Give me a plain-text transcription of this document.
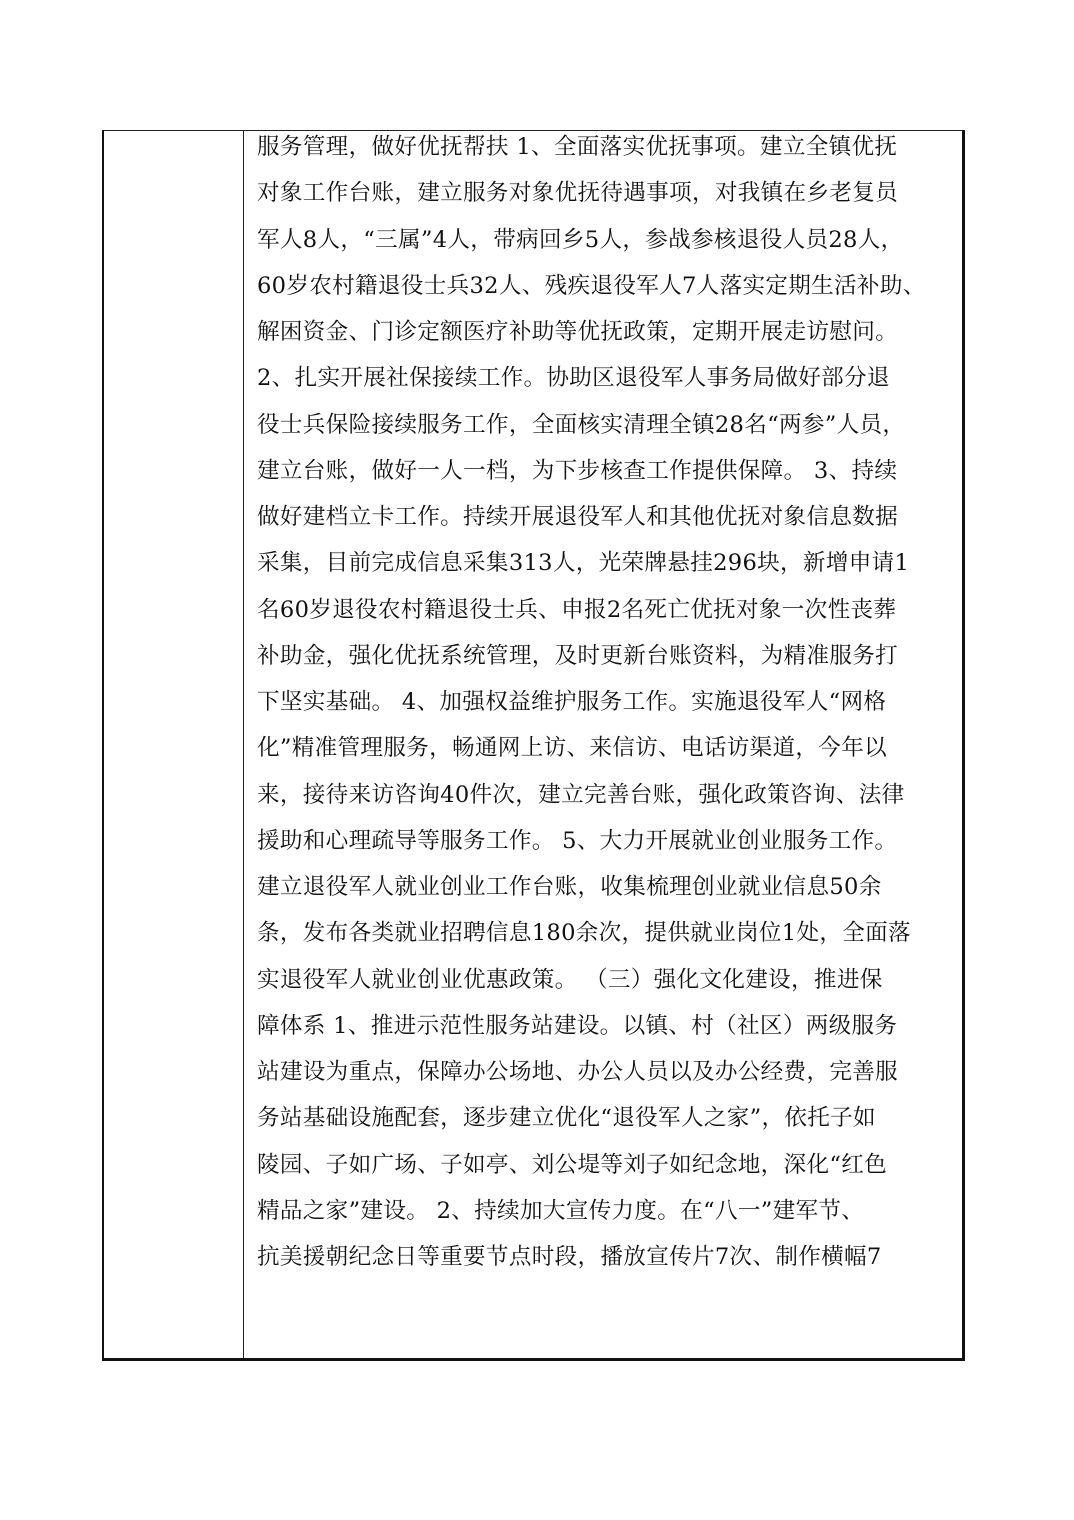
服务管理，做好优抚帮扶 1、全面落实优抚事项。建立全镇优抚
对象工作台账，建立服务对象优抚待遇事项，对我镇在乡老复员
军人8人，“三属”4人，带病回乡5人，参战参核退役人员28人，
60岁农村籍退役士兵32人、残疾退役军人7人落实定期生活补助、
解困资金、门诊定额医疗补助等优抚政策，定期开展走访慰问。
2、扎实开展社保接续工作。协助区退役军人事务局做好部分退
役士兵保险接续服务工作，全面核实清理全镇28名“两参”人员，
建立台账，做好一人一档，为下步核查工作提供保障。 3、持续
做好建档立卡工作。持续开展退役军人和其他优抚对象信息数据
采集，目前完成信息采集313人，光荣牌悬挂296块，新增申请1
名60岁退役农村籍退役士兵、申报2名死亡优抚对象一次性丧葬
补助金，强化优抚系统管理，及时更新台账资料，为精准服务打
下坚实基础。 4、加强权益维护服务工作。实施退役军人“网格
化”精准管理服务，畅通网上访、来信访、电话访渠道，今年以
来，接待来访咨询40件次，建立完善台账，强化政策咨询、法律
援助和心理疏导等服务工作。 5、大力开展就业创业服务工作。
建立退役军人就业创业工作台账，收集梳理创业就业信息50余
条，发布各类就业招聘信息180余次，提供就业岗位1处，全面落
实退役军人就业创业优惠政策。 （三）强化文化建设，推进保
障体系 1、推进示范性服务站建设。以镇、村（社区）两级服务
站建设为重点，保障办公场地、办公人员以及办公经费，完善服
务站基础设施配套，逐步建立优化“退役军人之家”，依托子如
陵园、子如广场、子如亭、刘公堤等刘子如纪念地，深化“红色
精品之家”建设。 2、持续加大宣传力度。在“八一”建军节、
抗美援朝纪念日等重要节点时段，播放宣传片7次、制作横幅7
